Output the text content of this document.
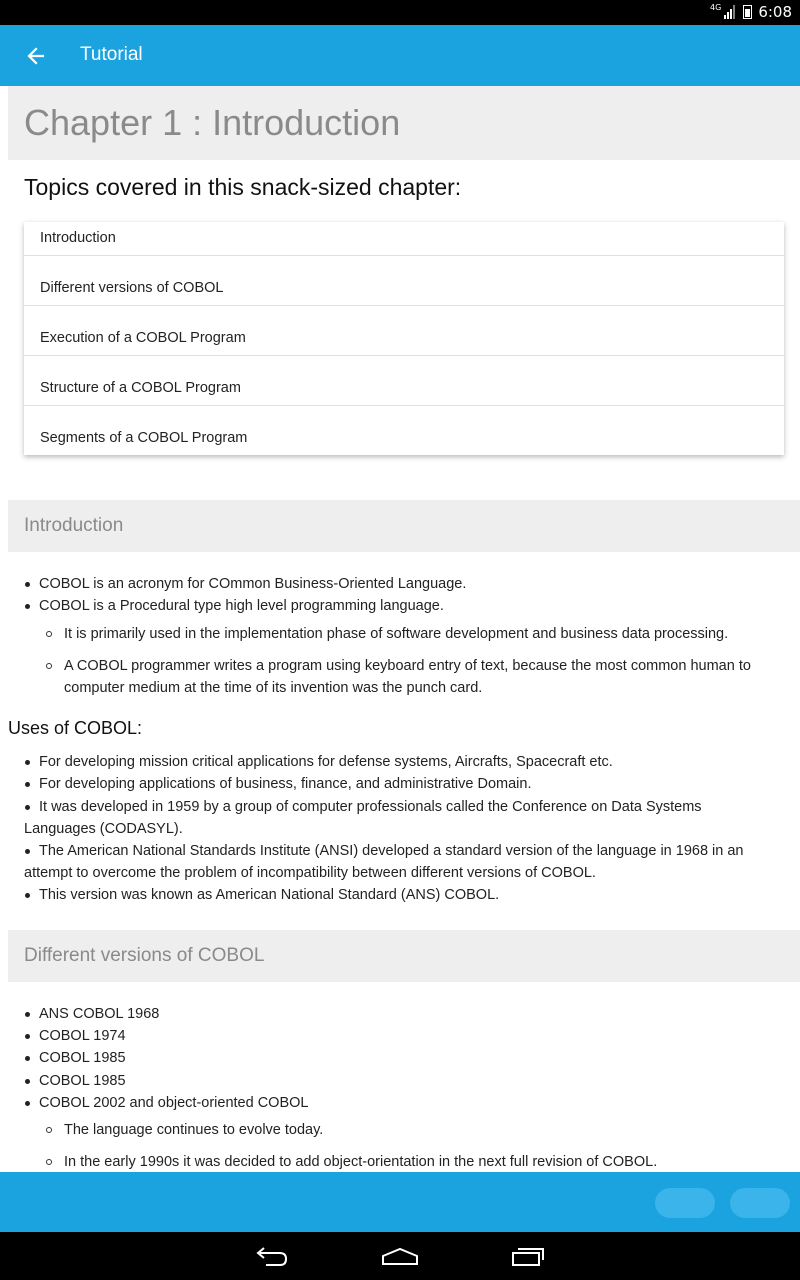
4G 6:08
Tutorial
Chapter 1 : Introduction
Topics covered in this snack-sized chapter:
Introduction
Different versions of COBOL
Execution of a COBOL Program
Structure of a COBOL Program
Segments of a COBOL Program
Introduction
COBOL is an acronym for COmmon Business-Oriented Language.
COBOL is a Procedural type high level programming language.
It is primarily used in the implementation phase of software development and business data processing.
A COBOL programmer writes a program using keyboard entry of text, because the most common human to
computer medium at the time of its invention was the punch card.
Uses of COBOL:
For developing mission critical applications for defense systems, Aircrafts, Spacecraft etc.
For developing applications of business, finance, and administrative Domain.
It was developed in 1959 by a group of computer professionals called the Conference on Data Systems
Languages (CODASYL).
The American National Standards Institute (ANSI) developed a standard version of the language in 1968 in an
attempt to overcome the problem of incompatibility between different versions of COBOL.
This version was known as American National Standard (ANS) COBOL.
Different versions of COBOL
ANS COBOL 1968
COBOL 1974
COBOL 1985
COBOL 1985
COBOL 2002 and object-oriented COBOL
The language continues to evolve today.
In the early 1990s it was decided to add object-orientation in the next full revision of COBOL.
